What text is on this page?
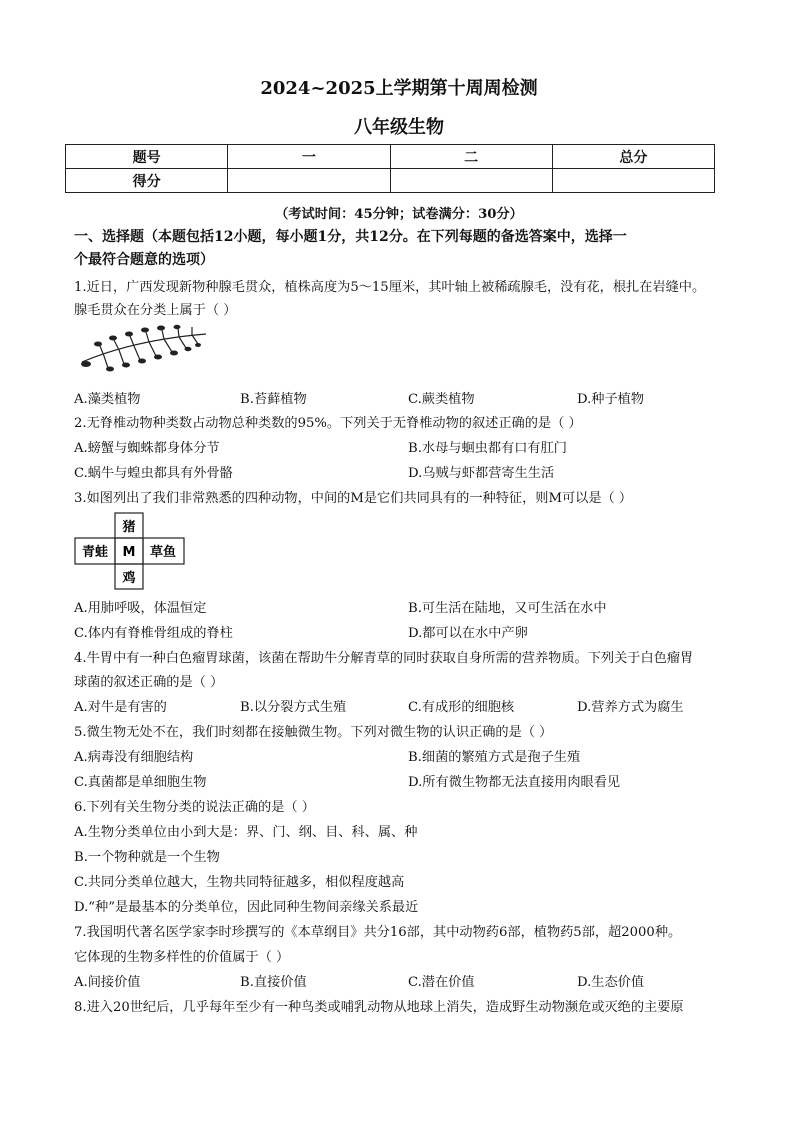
2024~2025上学期第十周周检测
八年级生物
题号	一	二	总分
得分			
（考试时间：45分钟；试卷满分：30分）
一、选择题（本题包括12小题，每小题1分，共12分。在下列每题的备选答案中，选择一
个最符合题意的选项）
1.近日，广西发现新物种腺毛贯众，植株高度为5～15厘米，其叶轴上被稀疏腺毛，没有花，根扎在岩缝中。
腺毛贯众在分类上属于（ ）
A.藻类植物	B.苔藓植物	C.蕨类植物	D.种子植物
2.无脊椎动物种类数占动物总种类数的95%。下列关于无脊椎动物的叙述正确的是（ ）
A.螃蟹与蜘蛛都身体分节	B.水母与蛔虫都有口有肛门
C.蜗牛与蝗虫都具有外骨骼	D.乌贼与虾都营寄生生活
3.如图列出了我们非常熟悉的四种动物，中间的M是它们共同具有的一种特征，则M可以是（ ）
猪
青蛙 M 草鱼
鸡
A.用肺呼吸，体温恒定	B.可生活在陆地，又可生活在水中
C.体内有脊椎骨组成的脊柱	D.都可以在水中产卵
4.牛胃中有一种白色瘤胃球菌，该菌在帮助牛分解青草的同时获取自身所需的营养物质。下列关于白色瘤胃
球菌的叙述正确的是（ ）
A.对牛是有害的	B.以分裂方式生殖	C.有成形的细胞核	D.营养方式为腐生
5.微生物无处不在，我们时刻都在接触微生物。下列对微生物的认识正确的是（ ）
A.病毒没有细胞结构	B.细菌的繁殖方式是孢子生殖
C.真菌都是单细胞生物	D.所有微生物都无法直接用肉眼看见
6.下列有关生物分类的说法正确的是（ ）
A.生物分类单位由小到大是：界、门、纲、目、科、属、种
B.一个物种就是一个生物
C.共同分类单位越大，生物共同特征越多，相似程度越高
D.“种”是最基本的分类单位，因此同种生物间亲缘关系最近
7.我国明代著名医学家李时珍撰写的《本草纲目》共分16部，其中动物药6部，植物药5部，超2000种。
它体现的生物多样性的价值属于（ ）
A.间接价值	B.直接价值	C.潜在价值	D.生态价值
8.进入20世纪后，几乎每年至少有一种鸟类或哺乳动物从地球上消失，造成野生动物濒危或灭绝的主要原
